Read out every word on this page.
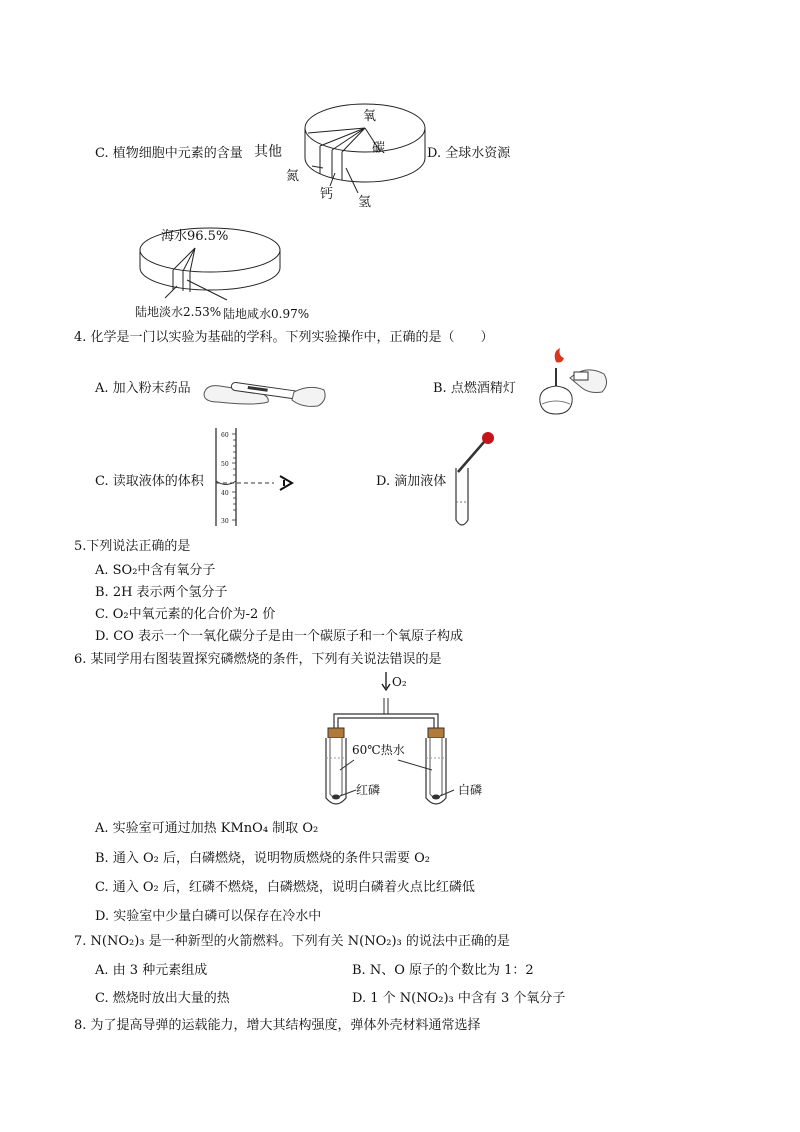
C. 植物细胞中元素的含量 其他
氧
碳
氮
钙
氢
D. 全球水资源
海水96.5%
陆地淡水2.53% 陆地咸水0.97%
4. 化学是一门以实验为基础的学科。下列实验操作中，正确的是（　　）
A. 加入粉末药品	B. 点燃酒精灯
C. 读取液体的体积
60
50
40
30
D. 滴加液体
5.下列说法正确的是
A. SO₂中含有氧分子
B. 2H 表示两个氢分子
C. O₂中氧元素的化合价为-2 价
D. CO 表示一个一氧化碳分子是由一个碳原子和一个氧原子构成
6. 某同学用右图装置探究磷燃烧的条件，下列有关说法错误的是
O₂
60℃热水
红磷	白磷
A. 实验室可通过加热 KMnO₄ 制取 O₂
B. 通入 O₂ 后，白磷燃烧，说明物质燃烧的条件只需要 O₂
C. 通入 O₂ 后，红磷不燃烧，白磷燃烧，说明白磷着火点比红磷低
D. 实验室中少量白磷可以保存在冷水中
7. N(NO₂)₃ 是一种新型的火箭燃料。下列有关 N(NO₂)₃ 的说法中正确的是
A. 由 3 种元素组成	B. N、O 原子的个数比为 1：2
C. 燃烧时放出大量的热	D. 1 个 N(NO₂)₃ 中含有 3 个氧分子
8. 为了提高导弹的运载能力，增大其结构强度，弹体外壳材料通常选择
